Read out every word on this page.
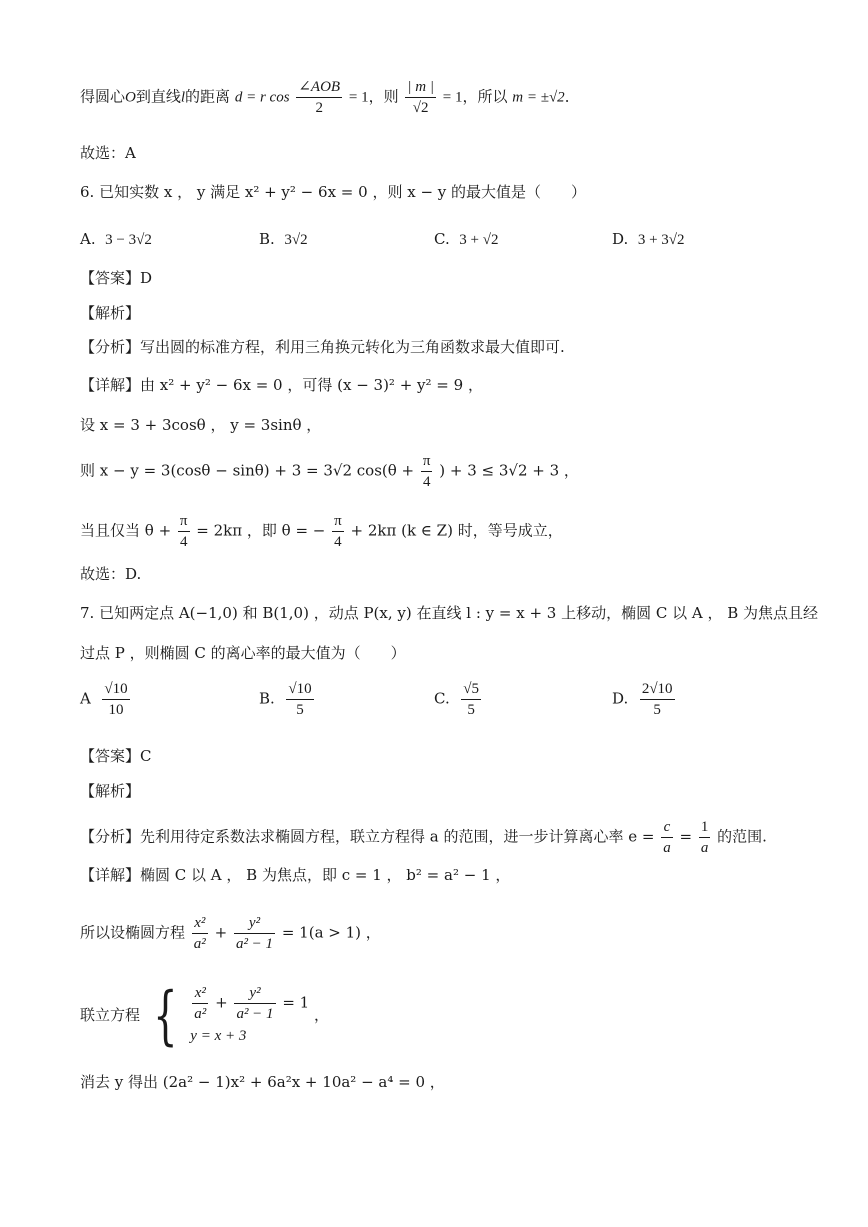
得圆心O到直线l的距离 d = r $\cos \frac{\text{∠AOB}}{2} = 1$，则 $\frac{| m |}{√2} = 1$，所以 m = ±√2．
故选：A
6. 已知实数 x ， y 满足 x² + y² − 6x = 0 ，则 x − y 的最大值是（　　）
A. 3 − 3√2	B. 3√2	C. 3 + √2	D. 3 + 3√2
【答案】D
【解析】
【分析】写出圆的标准方程，利用三角换元转化为三角函数求最大值即可.
【详解】由 x² + y² − 6x = 0 ，可得 (x − 3)² + y² = 9 ，
设 x = 3 + 3cosθ ， y = 3sinθ ，
则 x − y = 3(cosθ − sinθ) + 3 = 3√2 $\cos(\theta + \frac{\pi}{4}$ ) + 3 ≤ 3√2 + 3 ，
当且仅当 $\theta + \frac{\pi}{4} = 2k\pi$ ，即 θ = − $\frac{\pi}{4} + 2k\pi$ (k ∈ Z) 时，等号成立，
故选：D.
7. 已知两定点 A(−1,0) 和 B(1,0) ，动点 P(x, y) 在直线 l : y = x + 3 上移动，椭圆 C 以 A ， B 为焦点且经
过点 P ，则椭圆 C 的离心率的最大值为（　　）
A $\frac{√10}{10}$	B. $\frac{√10}{5}$	C. $\frac{√5}{5}$	D. $\frac{2√10}{5}$
【答案】C
【解析】
【分析】先利用待定系数法求椭圆方程，联立方程得 a 的范围，进一步计算离心率 $e = \frac{c}{a} = \frac{1}{a}$ 的范围.
【详解】椭圆 C 以 A ， B 为焦点，即 c = 1 ， b² = a² − 1 ，
所以设椭圆方程 $\frac{\text{x²}}{\text{a²}} + \frac{\text{y²}}{\text{a² − 1}} = 1(a > 1)$ ，
联立方程 { $\frac{\text{x²}}{\text{a²}} + \frac{\text{y²}}{\text{a² − 1}} = 1$
y = x + 3
，
消去 y 得出 (2a² − 1)x² + 6a²x + 10a² − a⁴ = 0 ，
